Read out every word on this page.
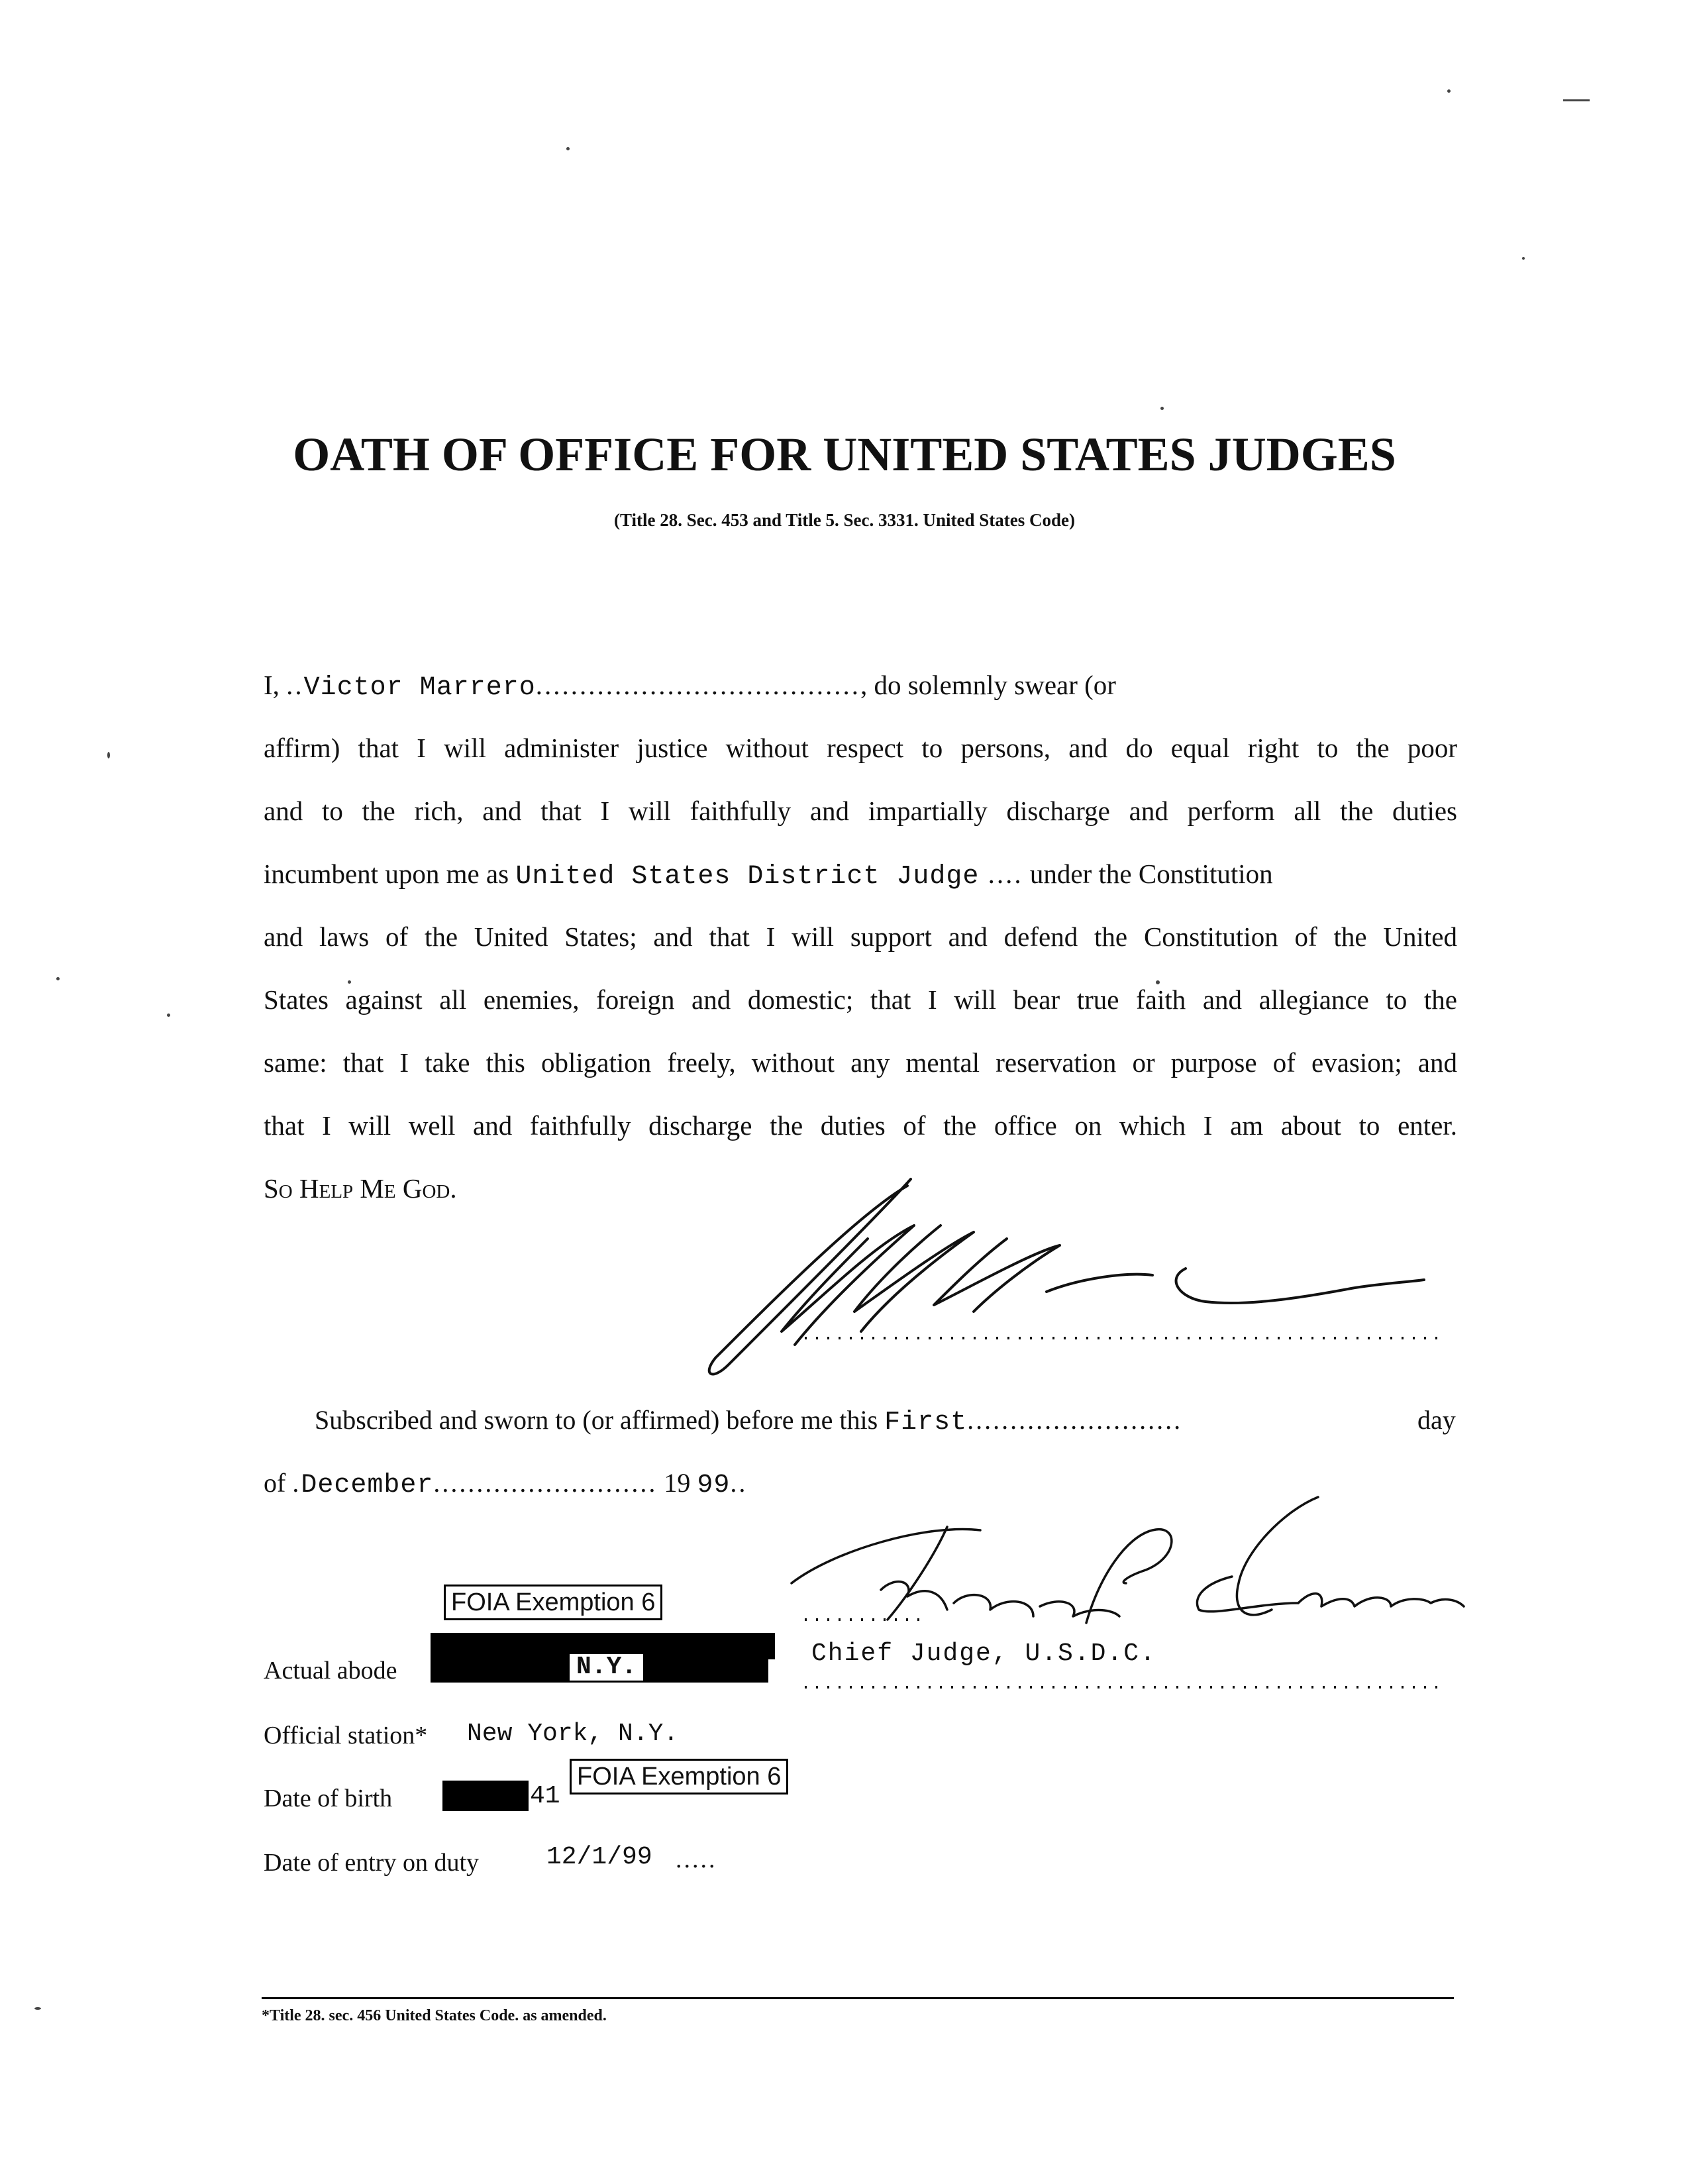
OATH OF OFFICE FOR UNITED STATES JUDGES
(Title 28. Sec. 453 and Title 5. Sec. 3331. United States Code)
I, ..Victor Marrero....................................., do solemnly swear (or
affirm) that I will administer justice without respect to persons, and do equal right to the poor
and to the rich, and that I will faithfully and impartially discharge and perform all the duties
incumbent upon me as United States District Judge .... under the Constitution
and laws of the United States; and that I will support and defend the Constitution of the United
States against all enemies, foreign and domestic; that I will bear true faith and allegiance to the
same: that I take this obligation freely, without any mental reservation or purpose of evasion; and
that I will well and faithfully discharge the duties of the office on which I am about to enter.
So Help Me God.
Subscribed and sworn to (or affirmed) before me this First.........................	day
of .December.......................... 19 99..
Chief Judge, U.S.D.C.
FOIA Exemption 6
Actual abode	N.Y.
Official station* New York, N.Y.
Date of birth	41
FOIA Exemption 6
Date of entry on duty	12/1/99 .....
*Title 28. sec. 456 United States Code. as amended.
